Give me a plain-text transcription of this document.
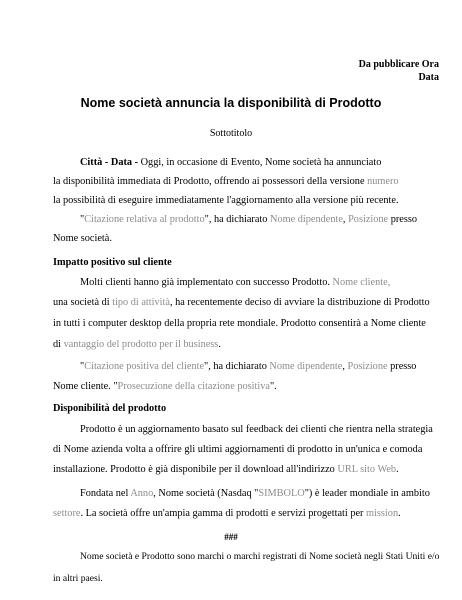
Da pubblicare Ora
Data
Nome società annuncia la disponibilità di Prodotto
Sottotitolo
Città - Data - Oggi, in occasione di Evento, Nome società ha annunciato
la disponibilità immediata di Prodotto, offrendo ai possessori della versione numero
la possibilità di eseguire immediatamente l'aggiornamento alla versione più recente.
"Citazione relativa al prodotto", ha dichiarato Nome dipendente, Posizione presso
Nome società.
Impatto positivo sul cliente
Molti clienti hanno già implementato con successo Prodotto. Nome cliente,
una società di tipo di attività, ha recentemente deciso di avviare la distribuzione di Prodotto
in tutti i computer desktop della propria rete mondiale. Prodotto consentirà a Nome cliente
di vantaggio del prodotto per il business.
"Citazione positiva del cliente", ha dichiarato Nome dipendente, Posizione presso
Nome cliente. "Prosecuzione della citazione positiva".
Disponibilità del prodotto
Prodotto è un aggiornamento basato sul feedback dei clienti che rientra nella strategia
di Nome azienda volta a offrire gli ultimi aggiornamenti di prodotto in un'unica e comoda
installazione. Prodotto è già disponibile per il download all'indirizzo URL sito Web.
Fondata nel Anno, Nome società (Nasdaq "SIMBOLO") è leader mondiale in ambito
settore. La società offre un'ampia gamma di prodotti e servizi progettati per mission.
###
Nome società e Prodotto sono marchi o marchi registrati di Nome società negli Stati Uniti e/o
in altri paesi.
